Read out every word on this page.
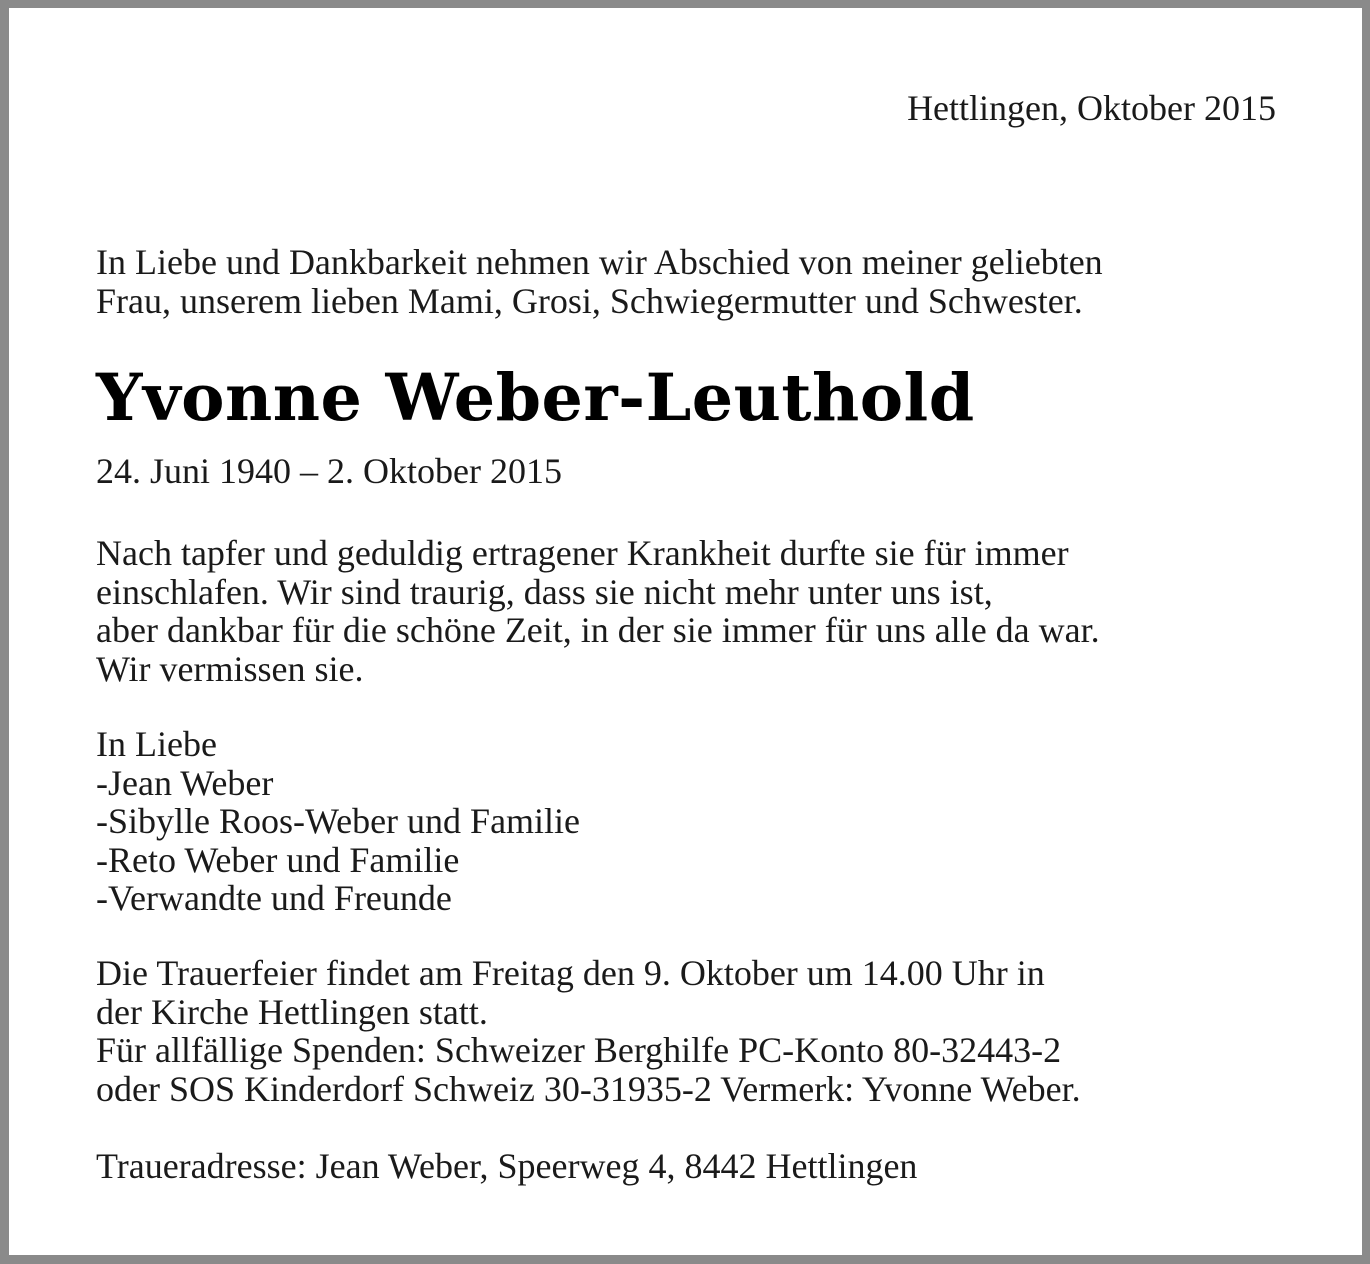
Hettlingen, Oktober 2015
In Liebe und Dankbarkeit nehmen wir Abschied von meiner geliebten
Frau, unserem lieben Mami, Grosi, Schwiegermutter und Schwester.
Yvonne Weber-Leuthold
24. Juni 1940 – 2. Oktober 2015
Nach tapfer und geduldig ertragener Krankheit durfte sie für immer
einschlafen. Wir sind traurig, dass sie nicht mehr unter uns ist,
aber dankbar für die schöne Zeit, in der sie immer für uns alle da war.
Wir vermissen sie.
In Liebe
-Jean Weber
-Sibylle Roos-Weber und Familie
-Reto Weber und Familie
-Verwandte und Freunde
Die Trauerfeier findet am Freitag den 9. Oktober um 14.00 Uhr in
der Kirche Hettlingen statt.
Für allfällige Spenden: Schweizer Berghilfe PC-Konto 80-32443-2
oder SOS Kinderdorf Schweiz 30-31935-2 Vermerk: Yvonne Weber.
Traueradresse: Jean Weber, Speerweg 4, 8442 Hettlingen
